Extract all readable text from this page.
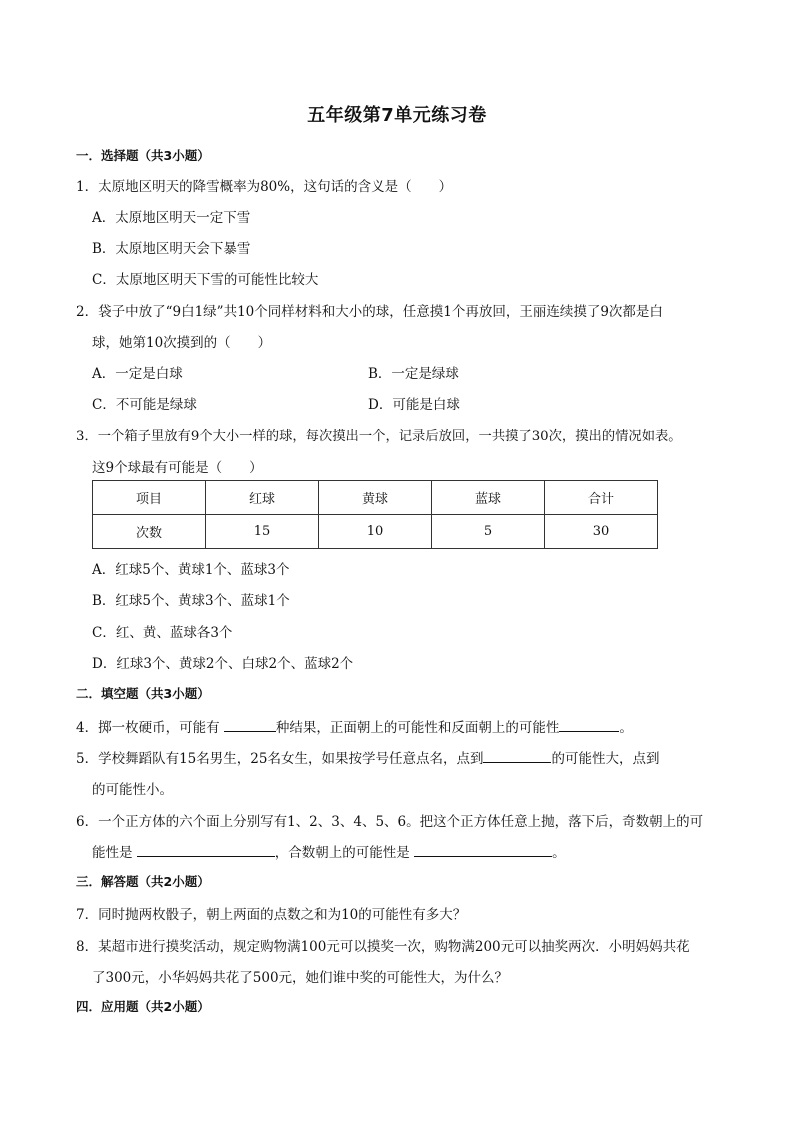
五年级第7单元练习卷
一．选择题（共3小题）
1．太原地区明天的降雪概率为80%，这句话的含义是（　　）
A．太原地区明天一定下雪
B．太原地区明天会下暴雪
C．太原地区明天下雪的可能性比较大
2．袋子中放了“9白1绿”共10个同样材料和大小的球，任意摸1个再放回，王丽连续摸了9次都是白
球，她第10次摸到的（　　）
A．一定是白球	B．一定是绿球
C．不可能是绿球	D．可能是白球
3．一个箱子里放有9个大小一样的球，每次摸出一个，记录后放回，一共摸了30次，摸出的情况如表。
这9个球最有可能是（　　）
项目	红球	黄球	蓝球	合计
次数	15	10	5	30
A．红球5个、黄球1个、蓝球3个
B．红球5个、黄球3个、蓝球1个
C．红、黄、蓝球各3个
D．红球3个、黄球2个、白球2个、蓝球2个
二．填空题（共3小题）
4．掷一枚硬币，可能有	种结果，正面朝上的可能性和反面朝上的可能性	。
5．学校舞蹈队有15名男生，25名女生，如果按学号任意点名，点到	的可能性大，点到
的可能性小。
6．一个正方体的六个面上分别写有1、2、3、4、5、6。把这个正方体任意上抛，落下后，奇数朝上的可
能性是	，合数朝上的可能性是	。
三．解答题（共2小题）
7．同时抛两枚骰子，朝上两面的点数之和为10的可能性有多大？
8．某超市进行摸奖活动，规定购物满100元可以摸奖一次，购物满200元可以抽奖两次．小明妈妈共花
了300元，小华妈妈共花了500元，她们谁中奖的可能性大，为什么？
四．应用题（共2小题）
